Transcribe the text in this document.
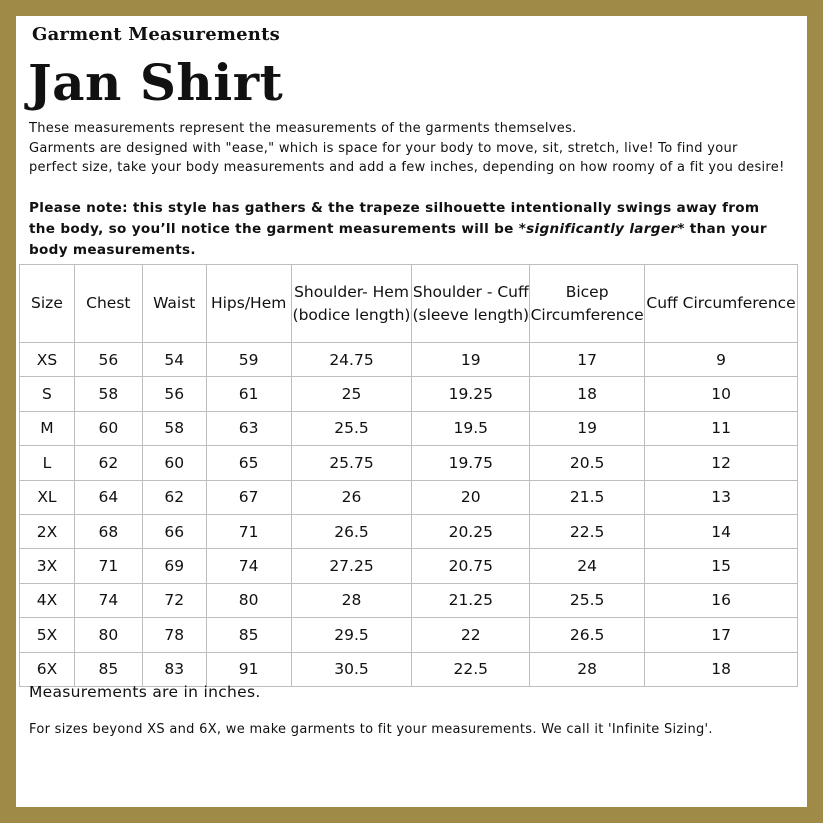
Garment Measurements
Jan Shirt

These measurements represent the measurements of the garments themselves.

Garments are designed with "ease," which is space for your body to move, sit, stretch, live! To find your perfect size, take your body measurements and add a few inches, depending on how roomy of a fit you desire!

Please note: this style has gathers & the trapeze silhouette intentionally swings away from the body, so you’ll notice the garment measurements will be *significantly larger* than your body measurements.
Size	Chest	Waist	Hips/Hem	Shoulder- Hem (bodice length)	Shoulder - Cuff (sleeve length)	Bicep Circumference	Cuff Circumference
XS	56	54	59	24.75	19	17	9
S	58	56	61	25	19.25	18	10
M	60	58	63	25.5	19.5	19	11
L	62	60	65	25.75	19.75	20.5	12
XL	64	62	67	26	20	21.5	13
2X	68	66	71	26.5	20.25	22.5	14
3X	71	69	74	27.25	20.75	24	15
4X	74	72	80	28	21.25	25.5	16
5X	80	78	85	29.5	22	26.5	17
6X	85	83	91	30.5	22.5	28	18
Measurements are in inches.
For sizes beyond XS and 6X, we make garments to fit your measurements. We call it 'Infinite Sizing'.
